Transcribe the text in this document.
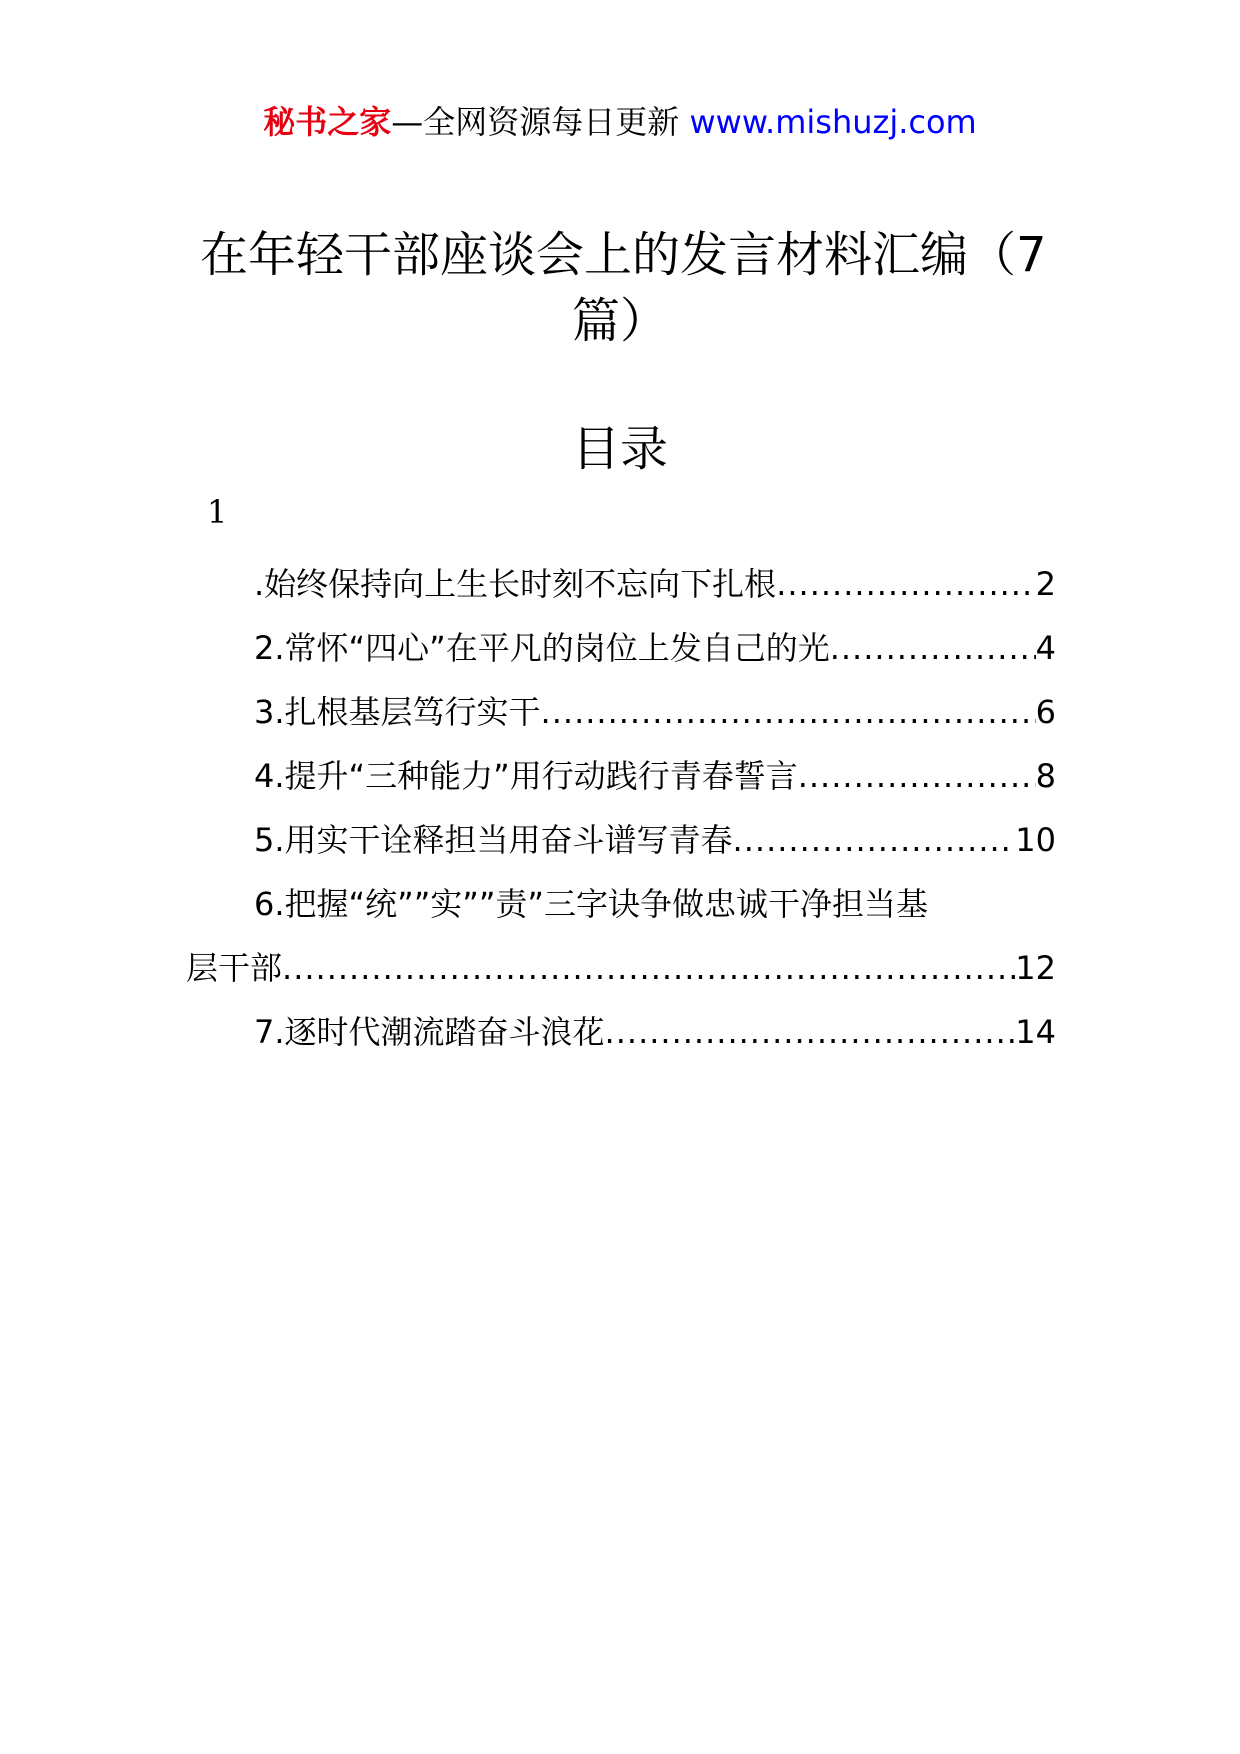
秘书之家—全网资源每日更新 www.mishuzj.com
在年轻干部座谈会上的发言材料汇编（7
篇）
目录
1
.始终保持向上生长时刻不忘向下扎根 .....	2
2.常怀“四心”在平凡的岗位上发自己的光 .....	4
3.扎根基层笃行实干 .....	6
4.提升“三种能力”用行动践行青春誓言 .....	8
5.用实干诠释担当用奋斗谱写青春 .....	10
6.把握“统””实””责”三字诀争做忠诚干净担当基
层干部 .....	12
7.逐时代潮流踏奋斗浪花 .....	14
